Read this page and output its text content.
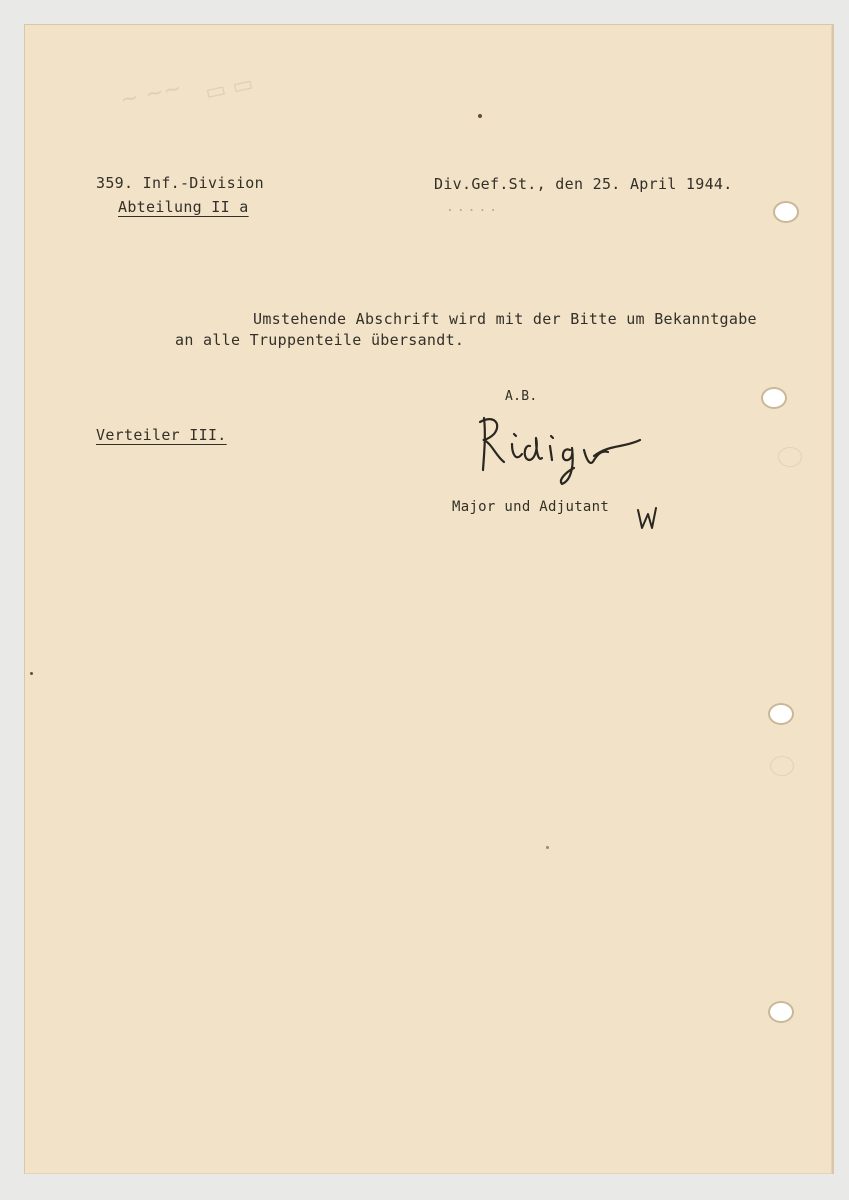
~ ~~ ▭ ▭
359. Inf.-Division
Abteilung II a
Div.Gef.St., den 25. April 1944.
.....
Umstehende Abschrift wird mit der Bitte um Bekanntgabe
an alle Truppenteile übersandt.
A.B.
Major und Adjutant
Verteiler III.
